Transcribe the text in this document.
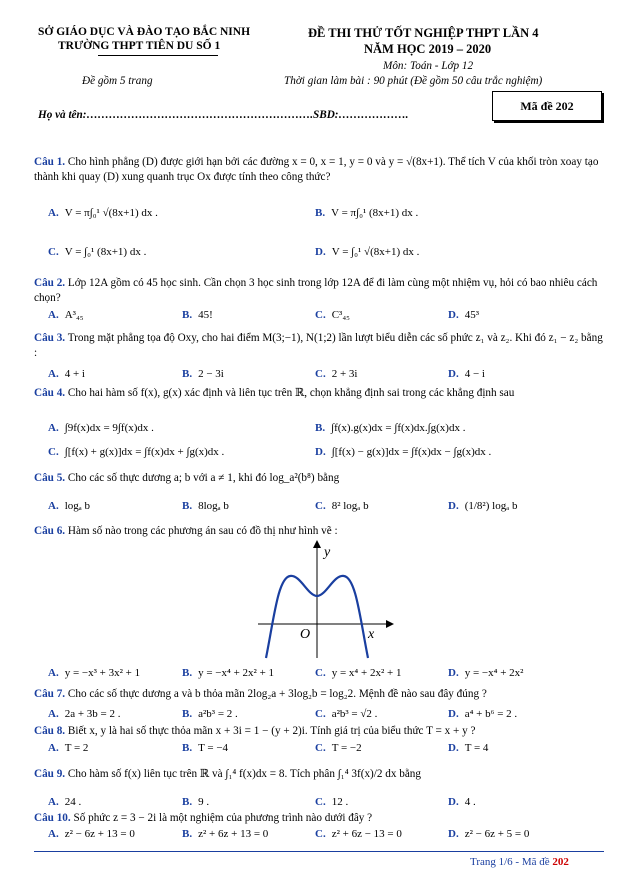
SỞ GIÁO DỤC VÀ ĐÀO TẠO BẮC NINH
TRƯỜNG THPT TIÊN DU SỐ 1
Đề gồm 5 trang
ĐỀ THI THỬ TỐT NGHIỆP THPT LẦN 4
NĂM HỌC 2019 – 2020
Môn: Toán - Lớp 12
Thời gian làm bài : 90 phút (Đề gồm 50 câu trắc nghiệm)
Họ và tên:…………………………………………………….SBD:……………….
Mã đề 202
Câu 1. Cho hình phẳng (D) được giới hạn bởi các đường x = 0, x = 1, y = 0 và y = √(8x+1). Thể tích V của khối tròn xoay tạo thành khi quay (D) xung quanh trục Ox được tính theo công thức?
A. V = π∫₀¹ √(8x+1) dx .	B. V = π∫₀¹ (8x+1) dx .
C. V = ∫₀¹ (8x+1) dx .	D. V = ∫₀¹ √(8x+1) dx .
Câu 2. Lớp 12A gồm có 45 học sinh. Cần chọn 3 học sinh trong lớp 12A để đi làm cùng một nhiệm vụ, hỏi có bao nhiêu cách chọn?
A. A³₄₅	B. 45!	C. C³₄₅	D. 45³
Câu 3. Trong mặt phẳng tọa độ Oxy, cho hai điểm M(3;−1), N(1;2) lần lượt biểu diễn các số phức z₁ và z₂. Khi đó z₁ − z₂ bằng :
A. 4 + i	B. 2 − 3i	C. 2 + 3i	D. 4 − i
Câu 4. Cho hai hàm số f(x), g(x) xác định và liên tục trên ℝ, chọn khẳng định sai trong các khẳng định sau
A. ∫9f(x)dx = 9∫f(x)dx .	B. ∫f(x).g(x)dx = ∫f(x)dx.∫g(x)dx .
C. ∫[f(x) + g(x)]dx = ∫f(x)dx + ∫g(x)dx .	D. ∫[f(x) − g(x)]dx = ∫f(x)dx − ∫g(x)dx .
Câu 5. Cho các số thực dương a; b với a ≠ 1, khi đó log_a²(b⁸) bằng
A. logₐ b	B. 8logₐ b	C. 8² logₐ b	D. (1/8²) logₐ b
Câu 6. Hàm số nào trong các phương án sau có đồ thị như hình vẽ :
y
x
O
A. y = −x³ + 3x² + 1	B. y = −x⁴ + 2x² + 1	C. y = x⁴ + 2x² + 1	D. y = −x⁴ + 2x²
Câu 7. Cho các số thực dương a và b thỏa mãn 2log₂a + 3log₂b = log₂2. Mệnh đề nào sau đây đúng ?
A. 2a + 3b = 2 .	B. a²b³ = 2 .	C. a²b³ = √2 .	D. a⁴ + b⁶ = 2 .
Câu 8. Biết x, y là hai số thực thỏa mãn x + 3i = 1 − (y + 2)i. Tính giá trị của biểu thức T = x + y ?
A. T = 2	B. T = −4	C. T = −2	D. T = 4
Câu 9. Cho hàm số f(x) liên tục trên ℝ và ∫₁⁴ f(x)dx = 8. Tích phân ∫₁⁴ 3f(x)/2 dx bằng
A. 24 .	B. 9 .	C. 12 .	D. 4 .
Câu 10. Số phức z = 3 − 2i là một nghiệm của phương trình nào dưới đây ?
A. z² − 6z + 13 = 0	B. z² + 6z + 13 = 0	C. z² + 6z − 13 = 0	D. z² − 6z + 5 = 0
Trang 1/6 - Mã đề 202
